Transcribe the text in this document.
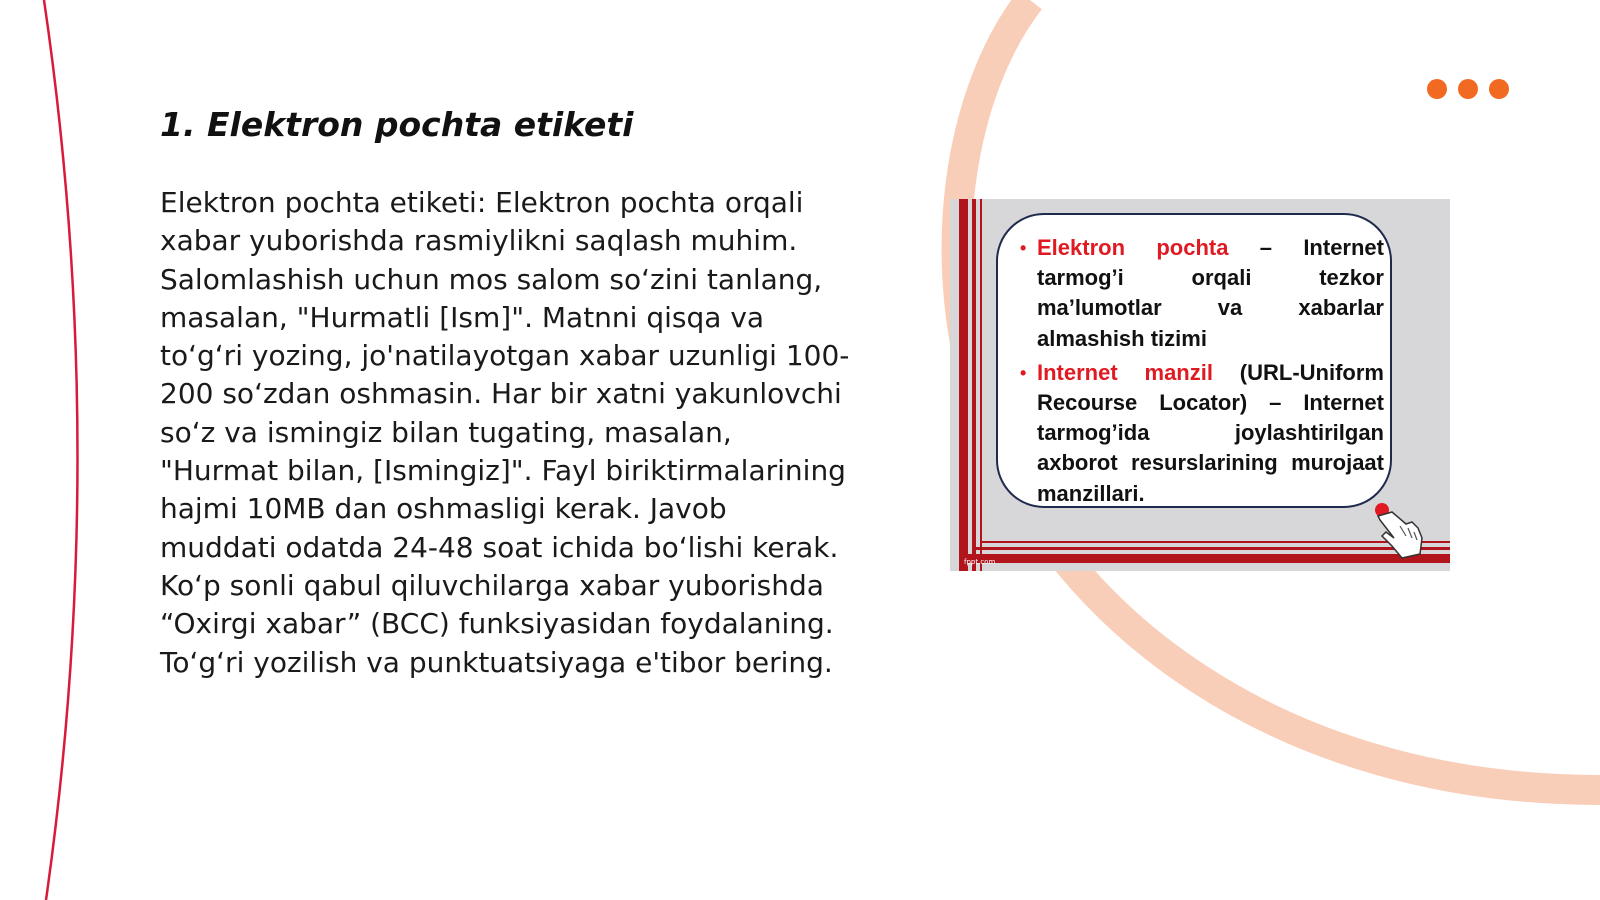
1. Elektron pochta etiketi

Elektron pochta etiketi: Elektron pochta orqali xabar yuborishda rasmiylikni saqlash muhim. Salomlashish uchun mos salom soʻzini tanlang, masalan, "Hurmatli [Ism]". Matnni qisqa va toʻgʻri yozing, jo'natilayotgan xabar uzunligi 100-200 soʻzdan oshmasin. Har bir xatni yakunlovchi soʻz va ismingiz bilan tugating, masalan, "Hurmat bilan, [Ismingiz]". Fayl biriktirmalarining hajmi 10MB dan oshmasligi kerak. Javob muddati odatda 24-48 soat ichida boʻlishi kerak. Koʻp sonli qabul qiluvchilarga xabar yuborishda “Oxirgi xabar” (BCC) funksiyasidan foydalaning. Toʻgʻri yozilish va punktuatsiyaga e'tibor bering.

fppt.com

• Elektron pochta – Internet tarmog’i orqali tezkor ma’lumotlar va xabarlar almashish tizimi

• Internet manzil (URL-Uniform Recourse Locator) – Internet tarmog’ida joylashtirilgan axborot resurslarining murojaat manzillari.
